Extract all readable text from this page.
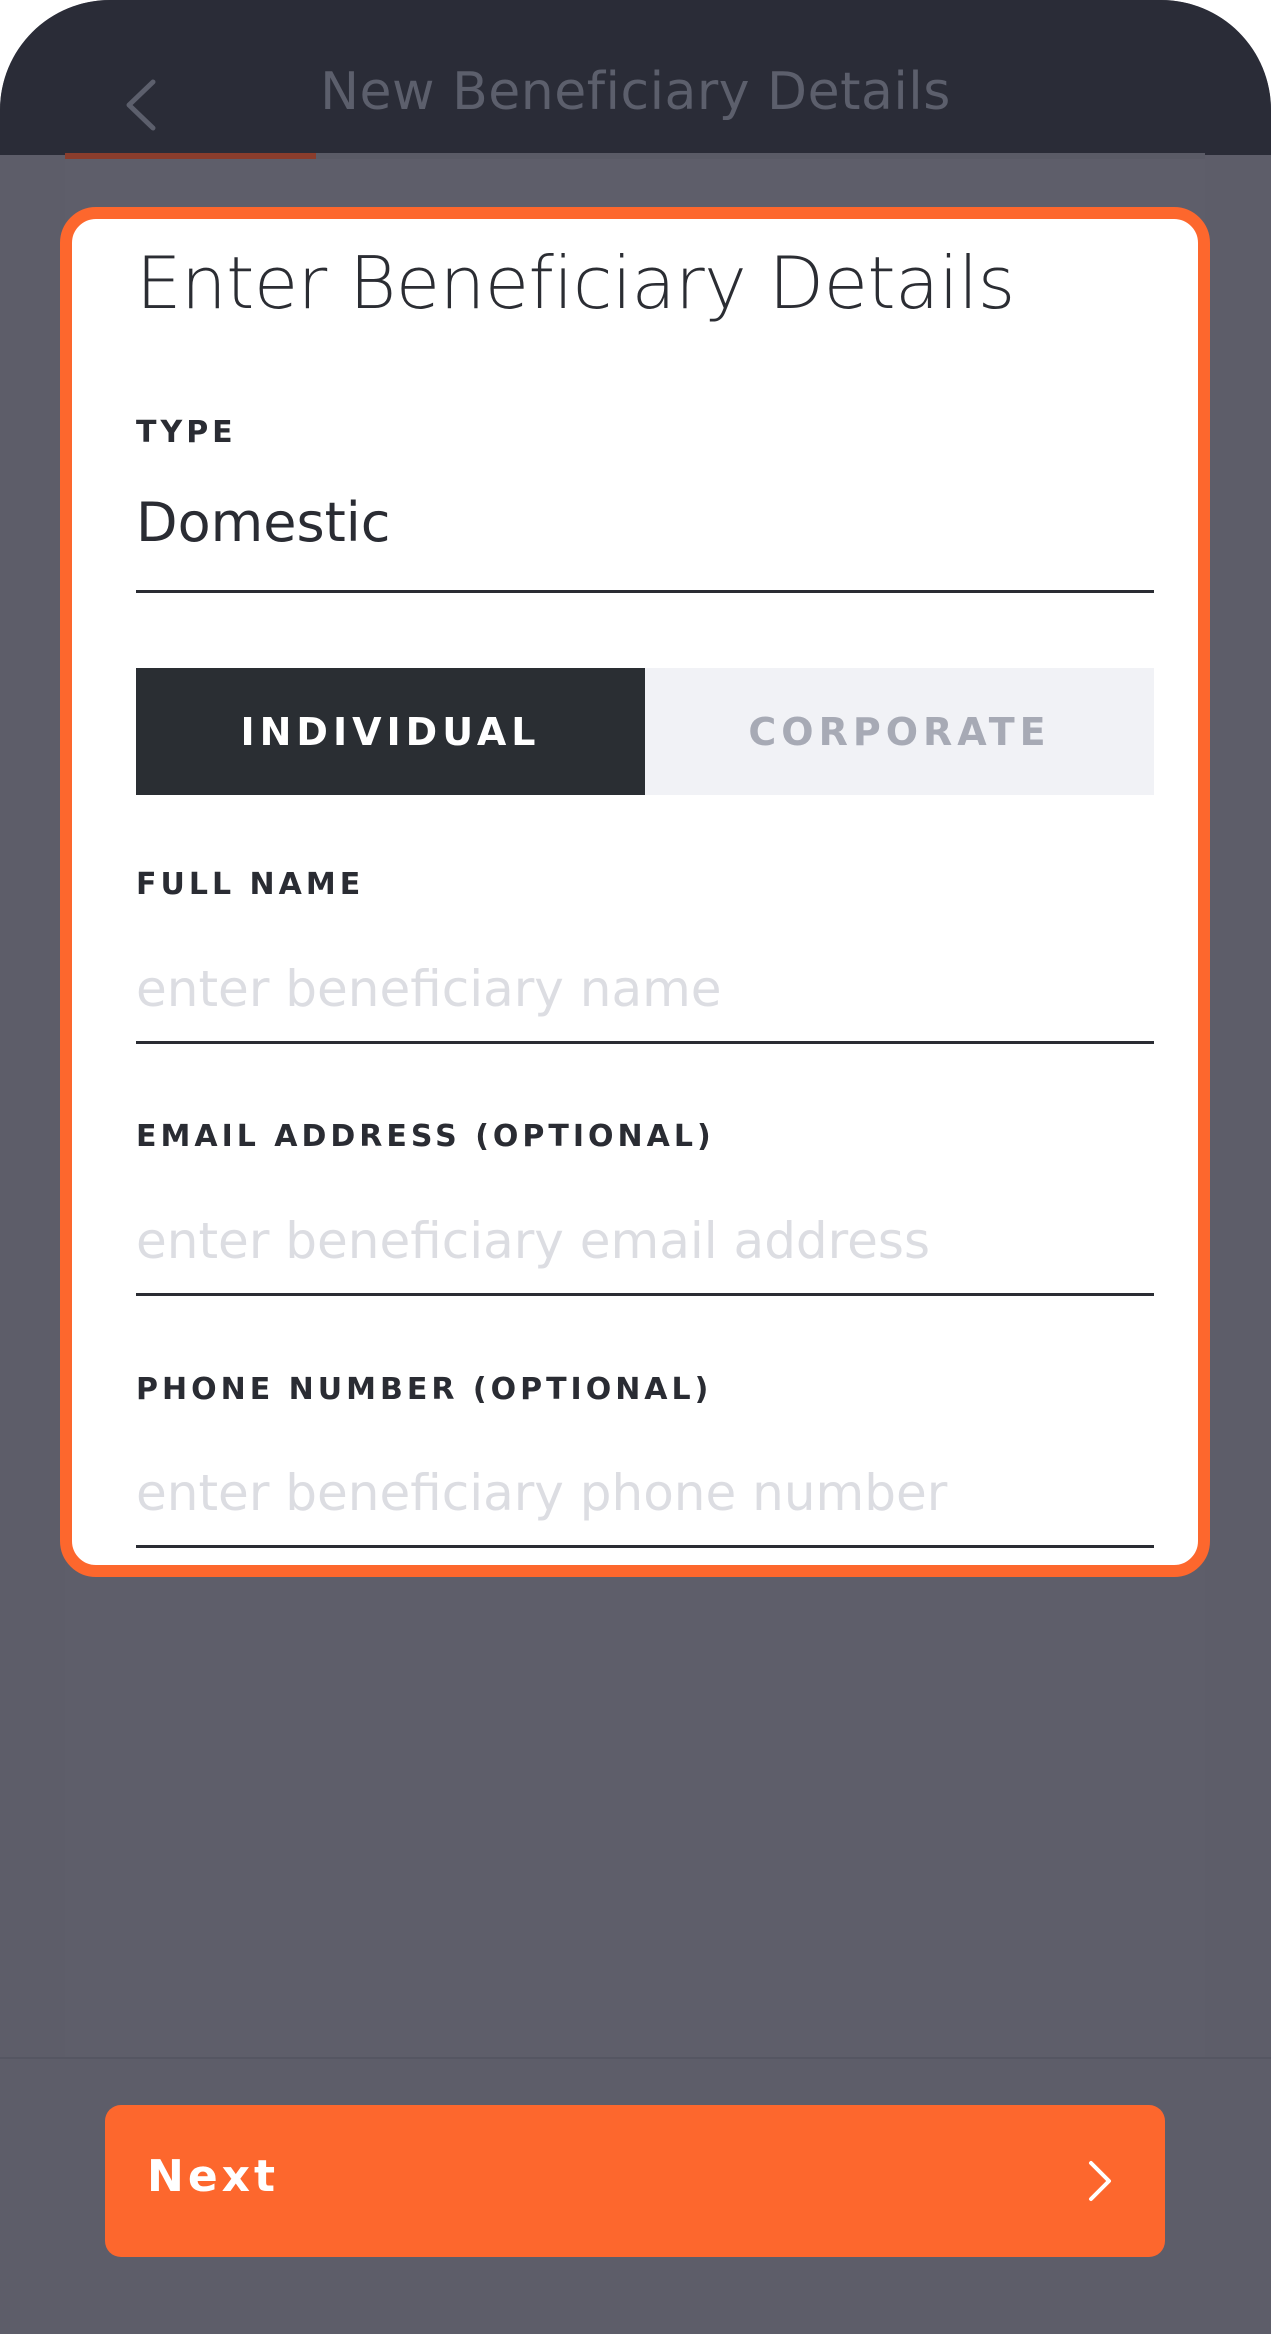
New Beneficiary Details
Enter Beneficiary Details
TYPE
Domestic
INDIVIDUAL	CORPORATE
FULL NAME
enter beneficiary name
EMAIL ADDRESS (OPTIONAL)
enter beneficiary email address
PHONE NUMBER (OPTIONAL)
enter beneficiary phone number
Next
